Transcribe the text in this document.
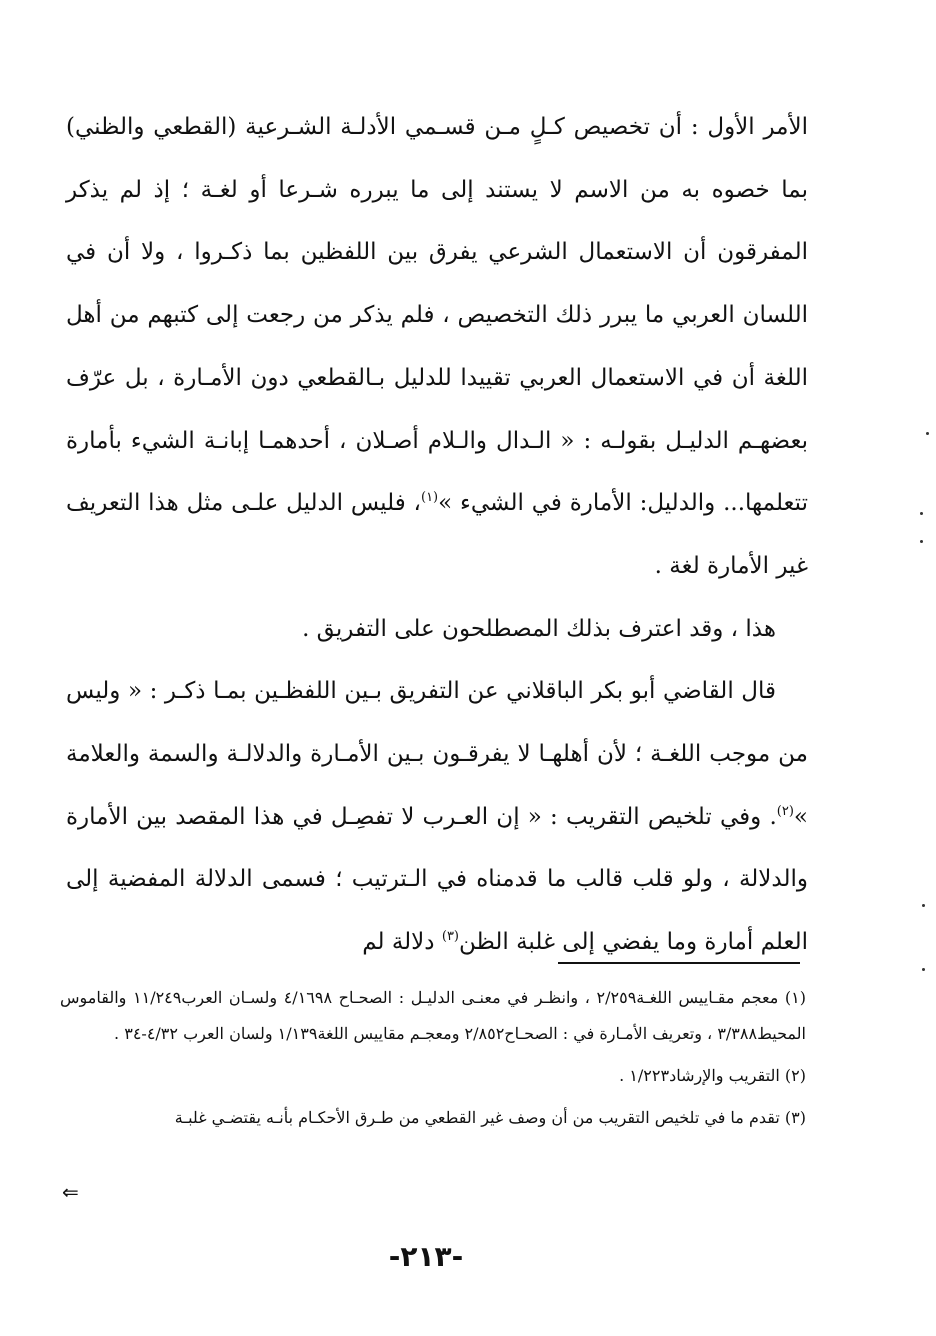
الأمر الأول : أن تخصيص كـلٍ مـن قسـمي الأدلـة الشـرعية (القطعي والظني) بما خصوه به من الاسم لا يستند إلى ما يبرره شـرعا أو لغـة ؛ إذ لم يذكر المفرقون أن الاستعمال الشرعي يفرق بين اللفظين بما ذكـروا ، ولا أن في اللسان العربي ما يبرر ذلك التخصيص ، فلم يذكر من رجعت إلى كتبهم من أهل اللغة أن في الاستعمال العربي تقييدا للدليل بـالقطعي دون الأمـارة ، بل عرّف بعضهـم الدليـل بقولـه : « الـدال والـلام أصـلان ، أحدهمـا إبانـة الشيء بأمارة تتعلمها... والدليل: الأمارة في الشيء »$^{(١)}$، فليس الدليل علـى مثل هذا التعريف غير الأمارة لغة .

هذا ، وقد اعترف بذلك المصطلحون على التفريق .

قال القاضي أبو بكر الباقلاني عن التفريق بـين اللفظـين بمـا ذكـر : « وليس من موجب اللغـة ؛ لأن أهلهـا لا يفرقـون بـين الأمـارة والدلالـة والسمة والعلامة »$^{(٢)}$. وفي تلخيص التقريب : « إن العـرب لا تفصِـل في هذا المقصد بين الأمارة والدلالة ، ولو قلب قالب ما قدمناه في الـترتيب ؛ فسمى الدلالة المفضية إلى العلم أمارة وما يفضي إلى غلبة الظن$^{(٣)}$ دلالة لم

(١) معجم مقـاييس اللغـة٢/٢٥٩ ، وانظـر في معنـى الدليـل : الصحـاح ٤/١٦٩٨ ولسـان العرب١١/٢٤٩ والقاموس المحيط٣/٣٨٨ ، وتعريف الأمـارة في : الصحـاح٢/٨٥٢ ومعجـم مقاييس اللغة١/١٣٩ ولسان العرب ٤/٣٢-٣٤ .

(٢) التقريب والإرشاد١/٢٢٣ .

(٣) تقدم ما في تلخيص التقريب من أن وصف غير القطعي من طـرق الأحكـام بأنـه يقتضـي غلبـة

⇐
-٢١٣-
